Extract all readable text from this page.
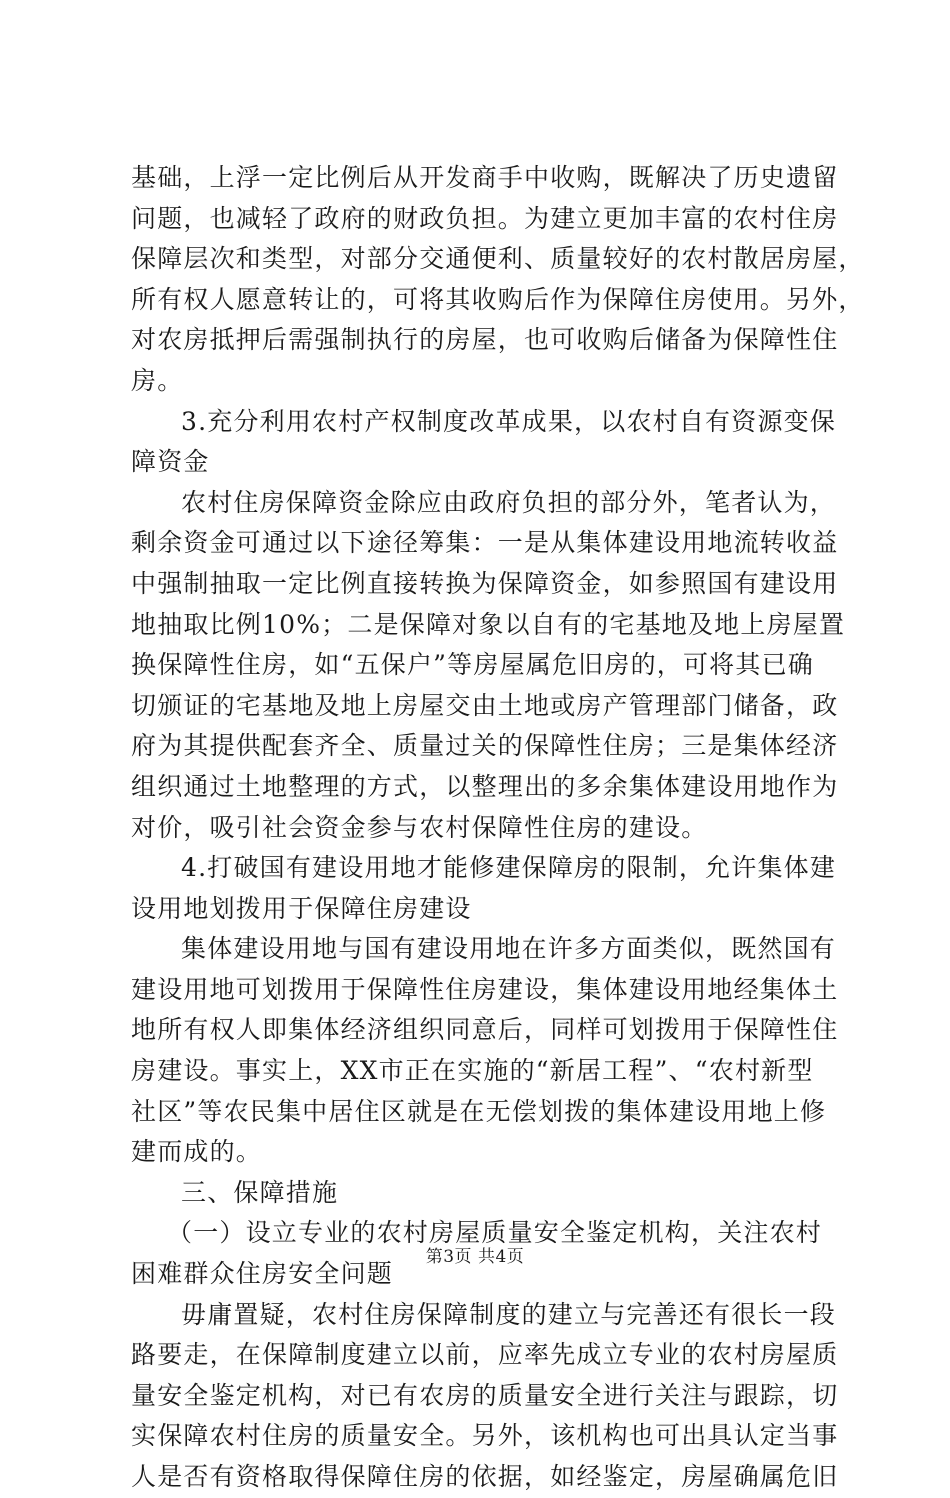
基础，上浮一定比例后从开发商手中收购，既解决了历史遗留
问题，也减轻了政府的财政负担。为建立更加丰富的农村住房
保障层次和类型，对部分交通便利、质量较好的农村散居房屋，
所有权人愿意转让的，可将其收购后作为保障住房使用。另外，
对农房抵押后需强制执行的房屋，也可收购后储备为保障性住
房。
3.充分利用农村产权制度改革成果，以农村自有资源变保
障资金
农村住房保障资金除应由政府负担的部分外，笔者认为，
剩余资金可通过以下途径筹集：一是从集体建设用地流转收益
中强制抽取一定比例直接转换为保障资金，如参照国有建设用
地抽取比例10%；二是保障对象以自有的宅基地及地上房屋置
换保障性住房，如“五保户”等房屋属危旧房的，可将其已确
切颁证的宅基地及地上房屋交由土地或房产管理部门储备，政
府为其提供配套齐全、质量过关的保障性住房；三是集体经济
组织通过土地整理的方式，以整理出的多余集体建设用地作为
对价，吸引社会资金参与农村保障性住房的建设。
4.打破国有建设用地才能修建保障房的限制，允许集体建
设用地划拨用于保障住房建设
集体建设用地与国有建设用地在许多方面类似，既然国有
建设用地可划拨用于保障性住房建设，集体建设用地经集体土
地所有权人即集体经济组织同意后，同样可划拨用于保障性住
房建设。事实上，XX市正在实施的“新居工程”、“农村新型
社区”等农民集中居住区就是在无偿划拨的集体建设用地上修
建而成的。
三、保障措施
（一）设立专业的农村房屋质量安全鉴定机构，关注农村
困难群众住房安全问题
毋庸置疑，农村住房保障制度的建立与完善还有很长一段
路要走，在保障制度建立以前，应率先成立专业的农村房屋质
量安全鉴定机构，对已有农房的质量安全进行关注与跟踪，切
实保障农村住房的质量安全。另外，该机构也可出具认定当事
人是否有资格取得保障住房的依据，如经鉴定，房屋确属危旧
第3页 共4页
